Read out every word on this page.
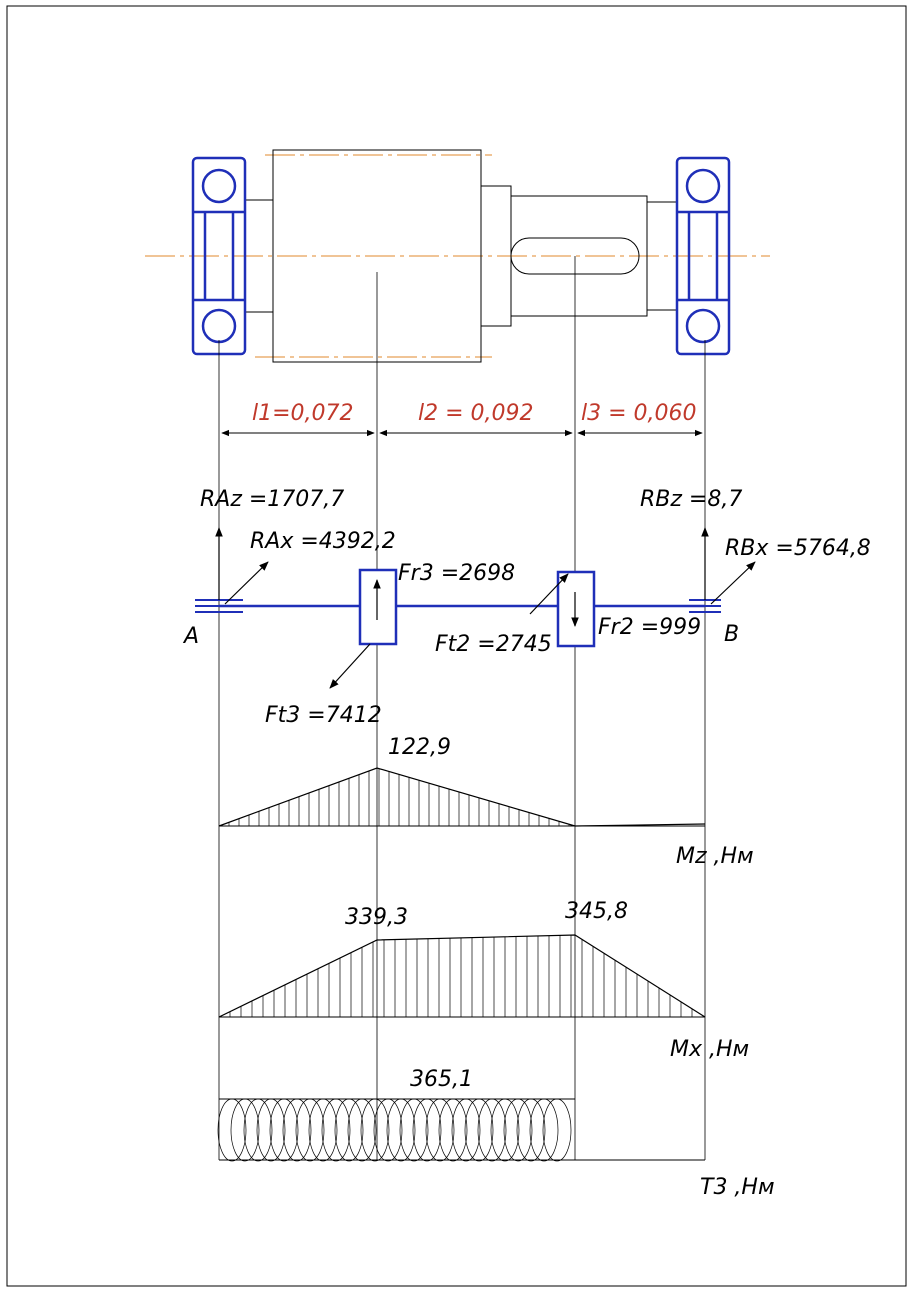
l1=0,072	l2 = 0,092 l3 = 0,060
RAz =1707,7
RAx =4392,2
RBz =8,7
RBx =5764,8
Fr3 =2698
Ft2 =2745
Fr2 =999
Ft3 =7412
A	B
122,9
Mz ,Нм
339,3	345,8
Mx ,Нм
365,1
T3 ,Нм
